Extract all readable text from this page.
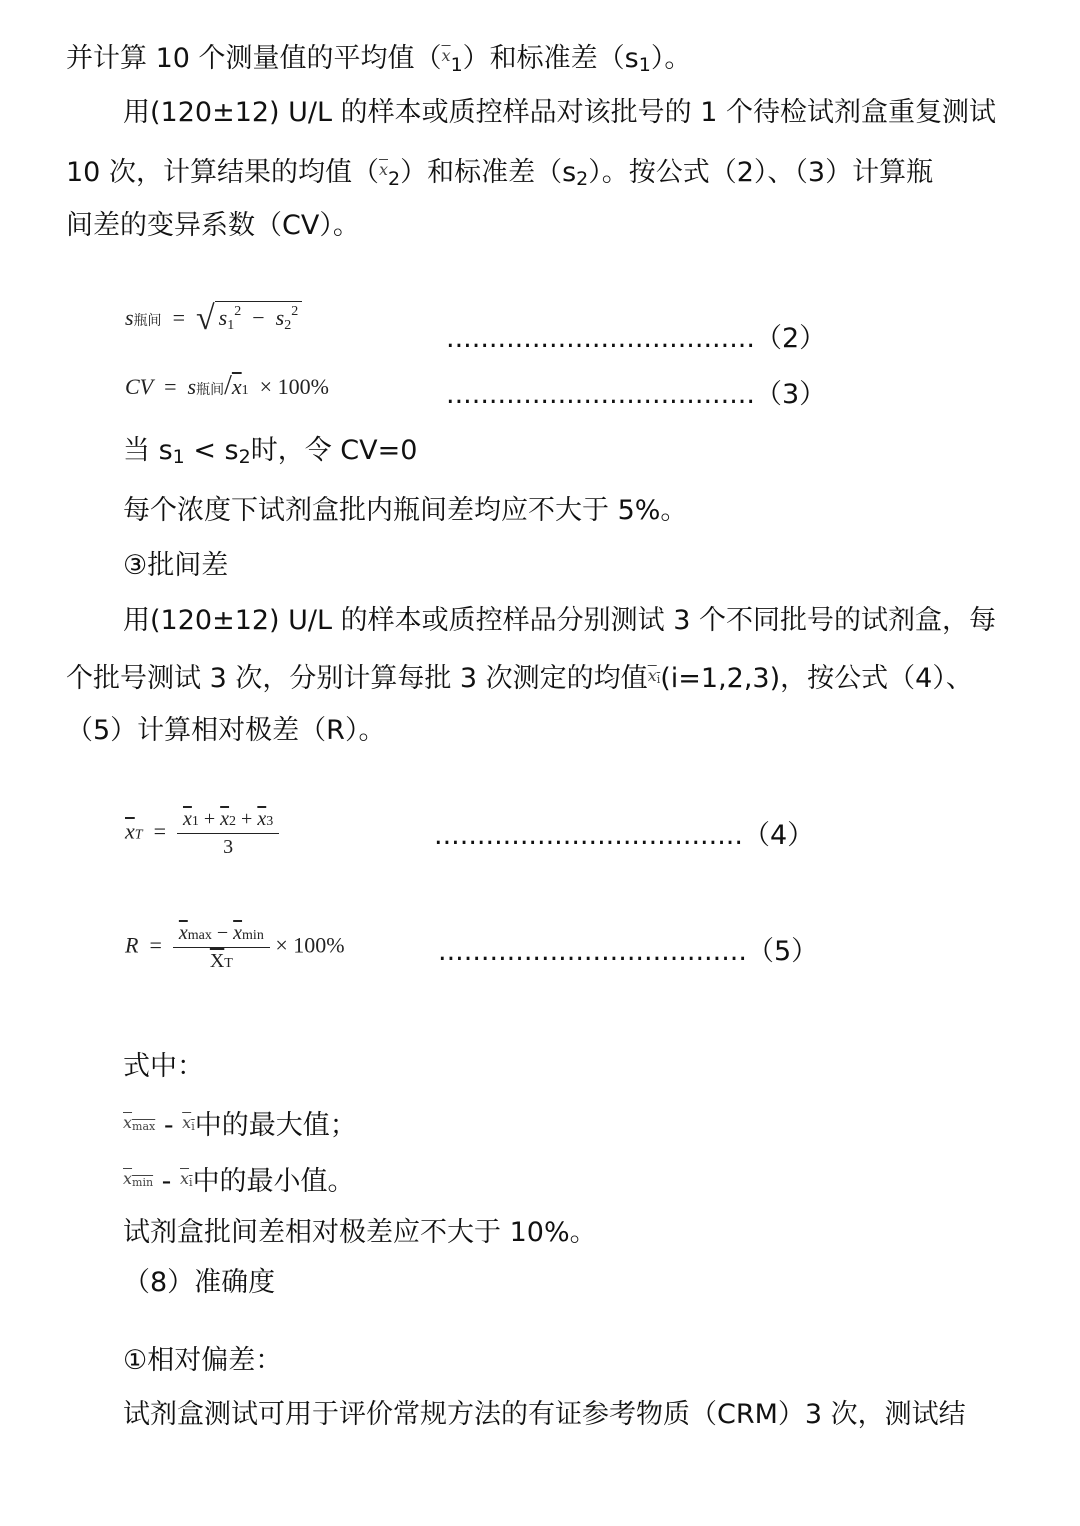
并计算 10 个测量值的平均值（$^{\overline{x}}_1$）和标准差$(s_1)$。
用(120±12) U/L 的样本或质控样品对该批号的 1 个待检试剂盒重复测试
10 次，计算结果的均值（$^{\overline{x}}_2$）和标准差$(s_2)$。按公式（2）、（3）计算瓶
间差的变异系数（CV）。
s瓶间 = √ $s1^2 - s2^2$
....................................（2）
CV = s瓶间$/\overline{x}1 \times 100\%$	....................................（3）
当 $s_1 < s_2$时，令 CV=0
每个浓度下试剂盒批内瓶间差均应不大于 5%。
③批间差
用(120±12) U/L 的样本或质控样品分别测试 3 个不同批号的试剂盒，每
个批号测试 3 次，分别计算每批 3 次测定的均值$^{xi}$(i=1,2,3)，按公式（4）、
（5）计算相对极差（R）。
$\overline{x}T = \frac{\overline{x}1 + \overline{x}2 + \overline{x}3}{3}$	....................................（4）
$R = \frac{\overline{x}\max - \overline{x}\min}{\overline{X}T} \times 100\%$	....................................（5）
式中：
$^{xmax}$ - $^{xi}$中的最大值；
$^{xmin}$ - $^{xi}$中的最小值。
试剂盒批间差相对极差应不大于 10%。
（8）准确度
①相对偏差：
试剂盒测试可用于评价常规方法的有证参考物质（CRM）3 次，测试结
